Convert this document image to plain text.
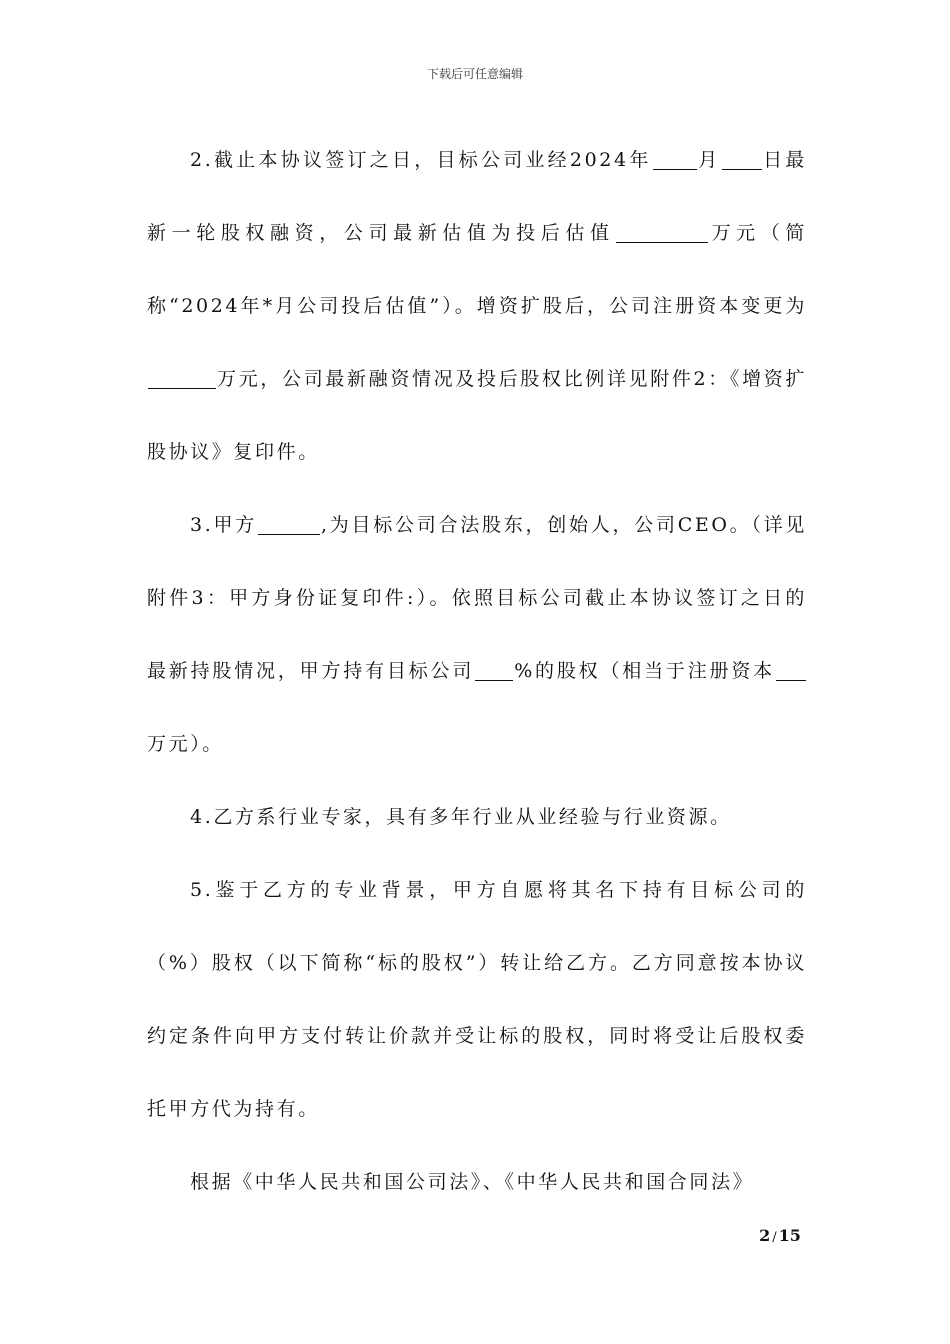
下载后可任意编辑

2.截止本协议签订之日，目标公司业经2024年 月 日最新一轮股权融资，公司最新估值为投后估值	万元（简称“2024年*月公司投后估值”）。增资扩股后，公司注册资本变更为万元，公司最新融资情况及投后股权比例详见附件2：《增资扩股协议》复印件。

3.甲方	,为目标公司合法股东，创始人，公司CEO。（详见附件3：甲方身份证复印件:）。依照目标公司截止本协议签订之日的最新持股情况，甲方持有目标公司 %的股权（相当于注册资本万元）。

4.乙方系行业专家，具有多年行业从业经验与行业资源。

5.鉴于乙方的专业背景，甲方自愿将其名下持有目标公司的（%）股权（以下简称“标的股权”）转让给乙方。乙方同意按本协议约定条件向甲方支付转让价款并受让标的股权，同时将受让后股权委托甲方代为持有。

根据《中华人民共和国公司法》、《中华人民共和国合同法》

2 / 15
